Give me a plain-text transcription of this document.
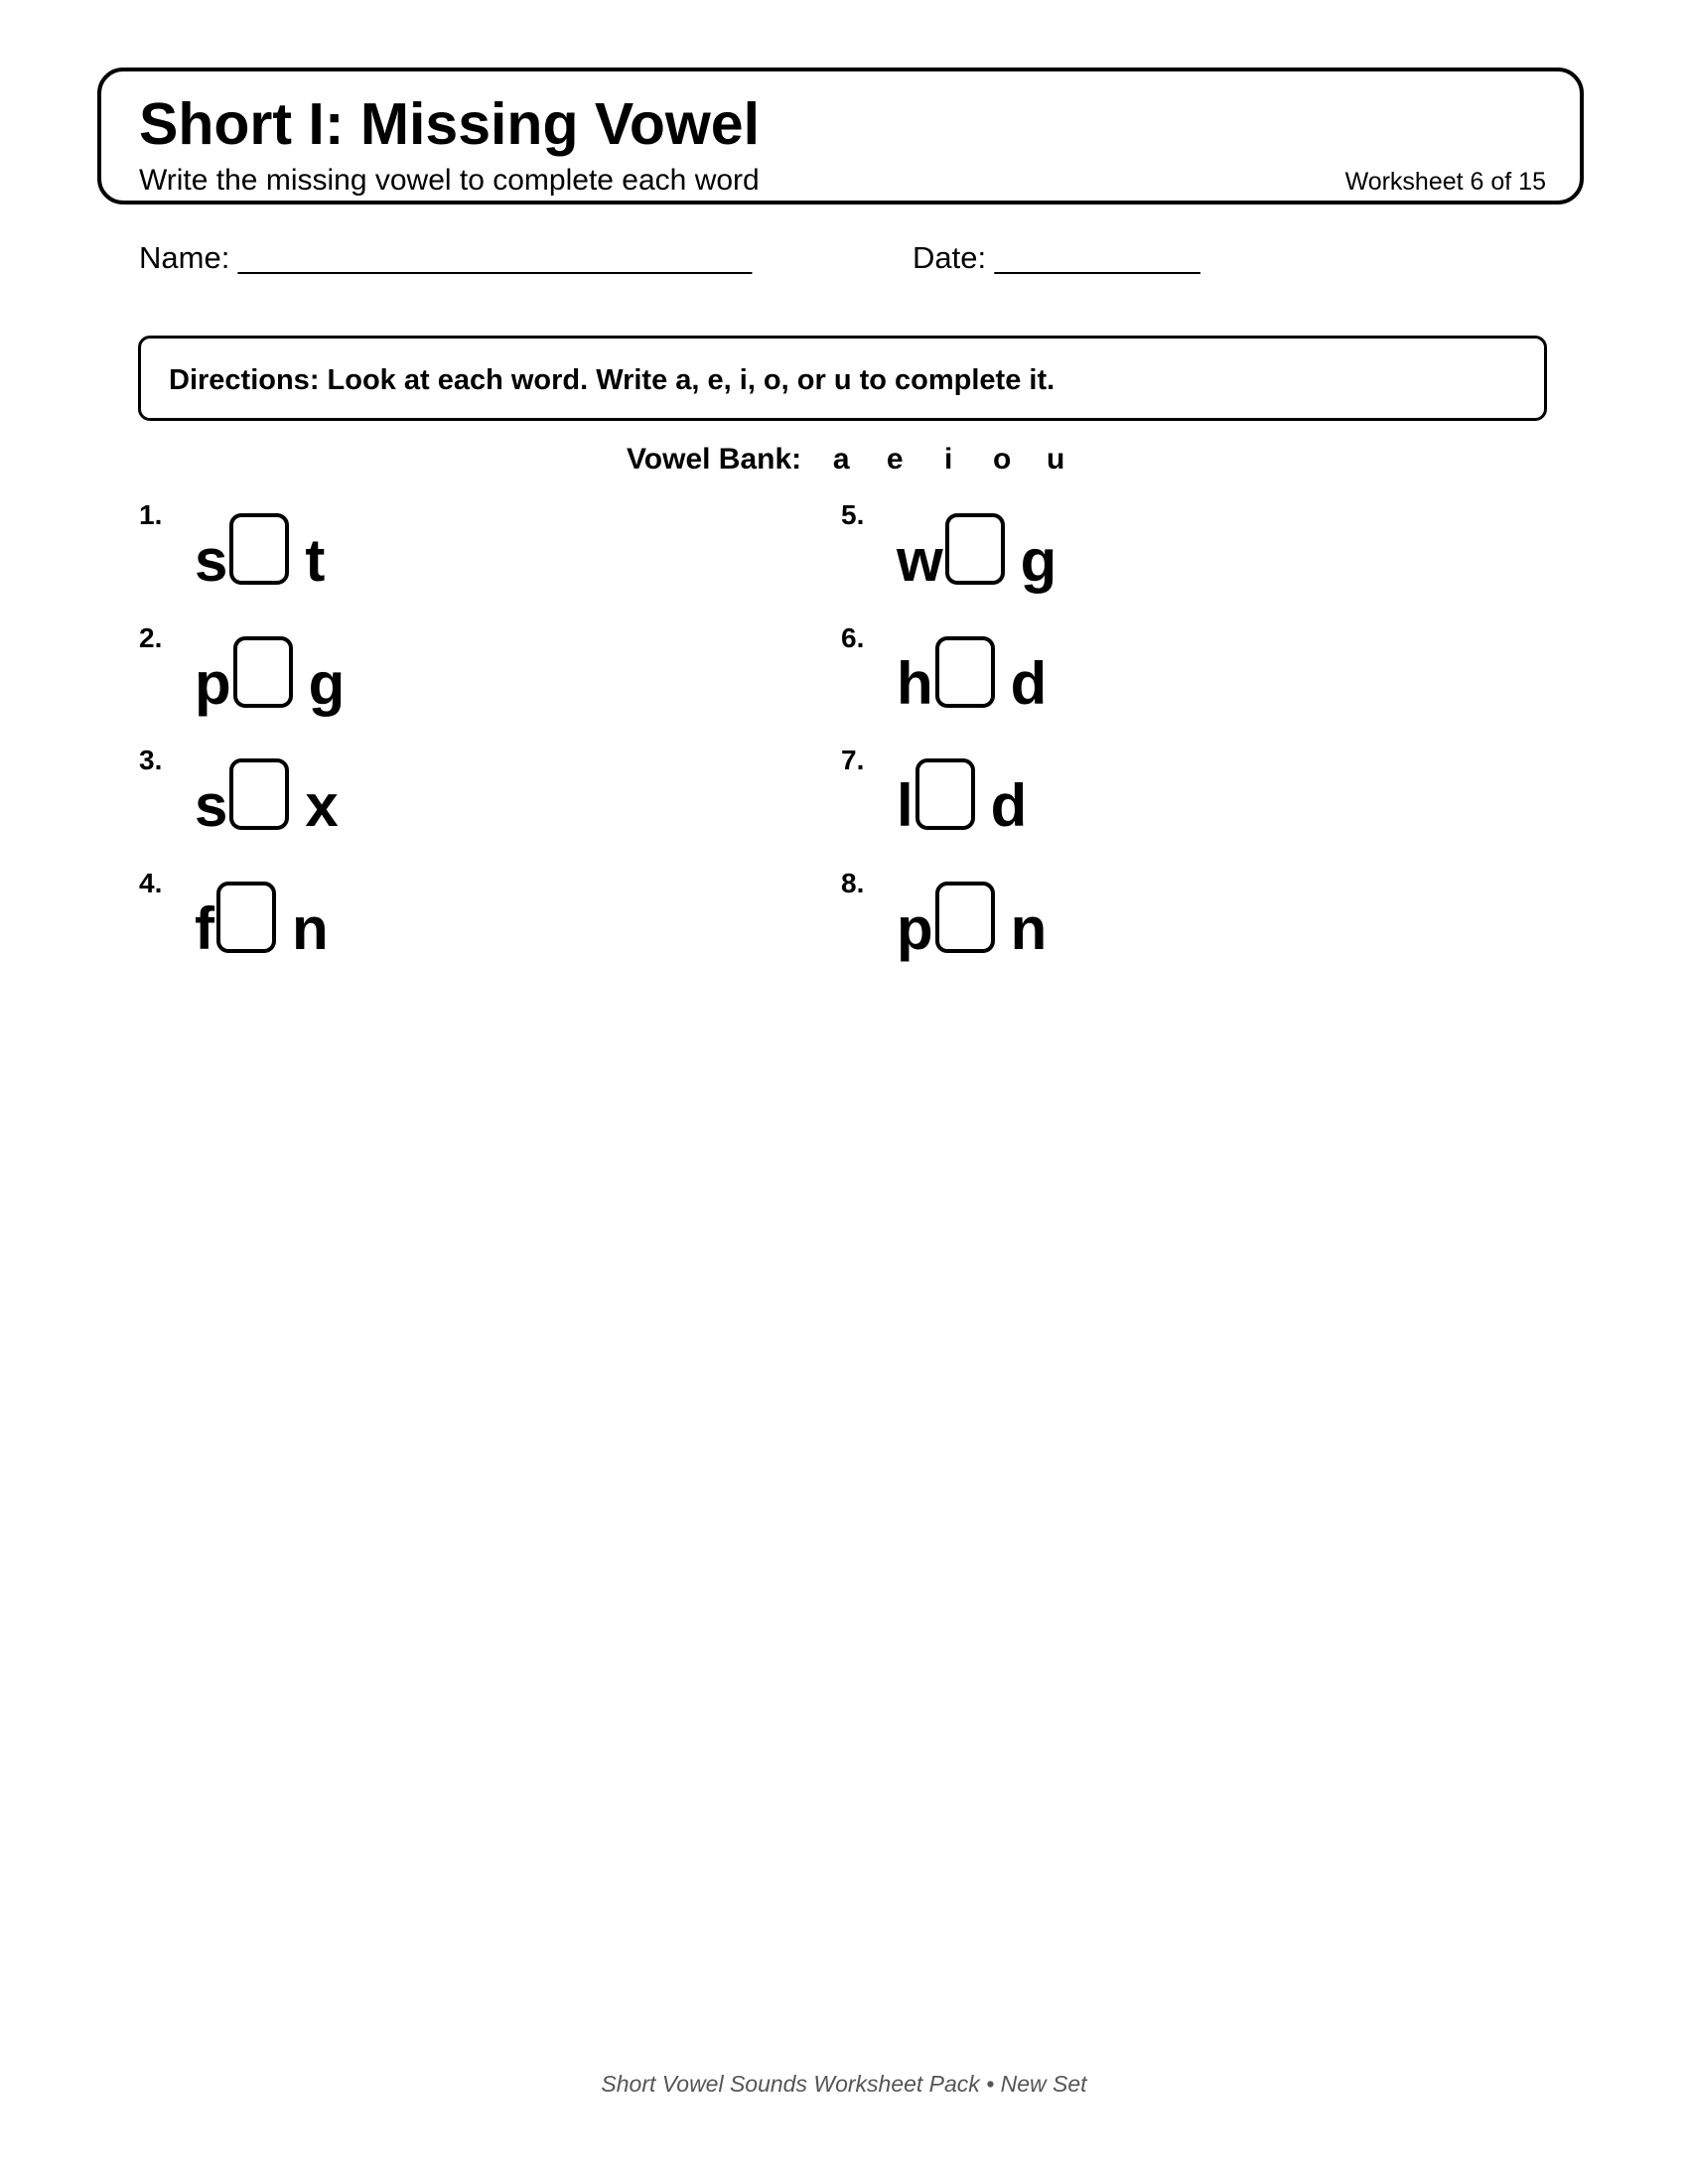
Short I: Missing Vowel
Write the missing vowel to complete each word	Worksheet 6 of 15
Name: ______________________________	Date: ____________
Directions: Look at each word. Write a, e, i, o, or u to complete it.
Vowel Bank:	a	e	i	o	u
1.
s t
2.
p g
3.
s x
4.
f n
5.
w g
6.
h d
7.
l d
8.
p n
Short Vowel Sounds Worksheet Pack • New Set
